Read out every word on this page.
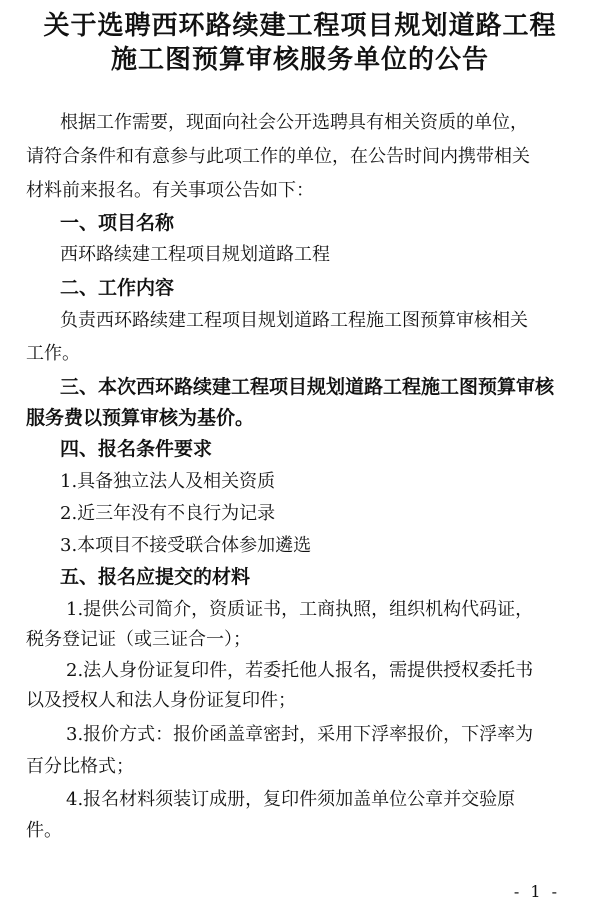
关于选聘西环路续建工程项目规划道路工程
施工图预算审核服务单位的公告
根据工作需要，现面向社会公开选聘具有相关资质的单位，
请符合条件和有意参与此项工作的单位，在公告时间内携带相关
材料前来报名。有关事项公告如下：
一、项目名称
西环路续建工程项目规划道路工程
二、工作内容
负责西环路续建工程项目规划道路工程施工图预算审核相关
工作。
三、本次西环路续建工程项目规划道路工程施工图预算审核
服务费以预算审核为基价。
四、报名条件要求
1.具备独立法人及相关资质
2.近三年没有不良行为记录
3.本项目不接受联合体参加遴选
五、报名应提交的材料
1.提供公司简介，资质证书，工商执照，组织机构代码证，
税务登记证（或三证合一）；
2.法人身份证复印件，若委托他人报名，需提供授权委托书
以及授权人和法人身份证复印件；
3.报价方式：报价函盖章密封，采用下浮率报价，下浮率为
百分比格式；
4.报名材料须装订成册，复印件须加盖单位公章并交验原
件。
- 1 -
